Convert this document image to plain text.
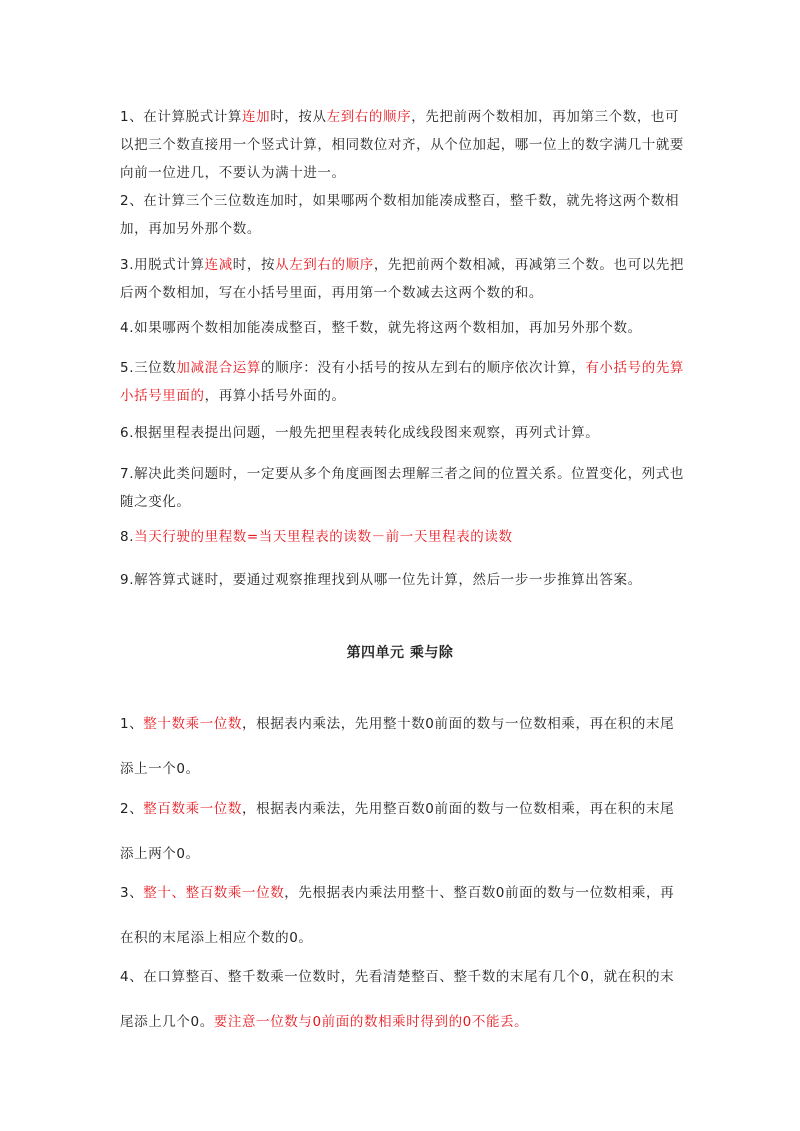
1、在计算脱式计算连加时，按从左到右的顺序，先把前两个数相加，再加第三个数，也可以把三个数直接用一个竖式计算，相同数位对齐，从个位加起，哪一位上的数字满几十就要向前一位进几，不要认为满十进一。

2、在计算三个三位数连加时，如果哪两个数相加能凑成整百，整千数，就先将这两个数相加，再加另外那个数。

3.用脱式计算连减时，按从左到右的顺序，先把前两个数相减，再减第三个数。也可以先把后两个数相加，写在小括号里面，再用第一个数减去这两个数的和。

4.如果哪两个数相加能凑成整百，整千数，就先将这两个数相加，再加另外那个数。

5.三位数加减混合运算的顺序：没有小括号的按从左到右的顺序依次计算，有小括号的先算小括号里面的，再算小括号外面的。

6.根据里程表提出问题，一般先把里程表转化成线段图来观察，再列式计算。

7.解决此类问题时，一定要从多个角度画图去理解三者之间的位置关系。位置变化，列式也随之变化。

8.当天行驶的里程数=当天里程表的读数－前一天里程表的读数

9.解答算式谜时，要通过观察推理找到从哪一位先计算，然后一步一步推算出答案。

第四单元 乘与除

1、整十数乘一位数，根据表内乘法，先用整十数0前面的数与一位数相乘，再在积的末尾添上一个0。

2、整百数乘一位数，根据表内乘法，先用整百数0前面的数与一位数相乘，再在积的末尾添上两个0。

3、整十、整百数乘一位数，先根据表内乘法用整十、整百数0前面的数与一位数相乘，再在积的末尾添上相应个数的0。

4、在口算整百、整千数乘一位数时，先看清楚整百、整千数的末尾有几个0，就在积的末尾添上几个0。要注意一位数与0前面的数相乘时得到的0不能丢。
